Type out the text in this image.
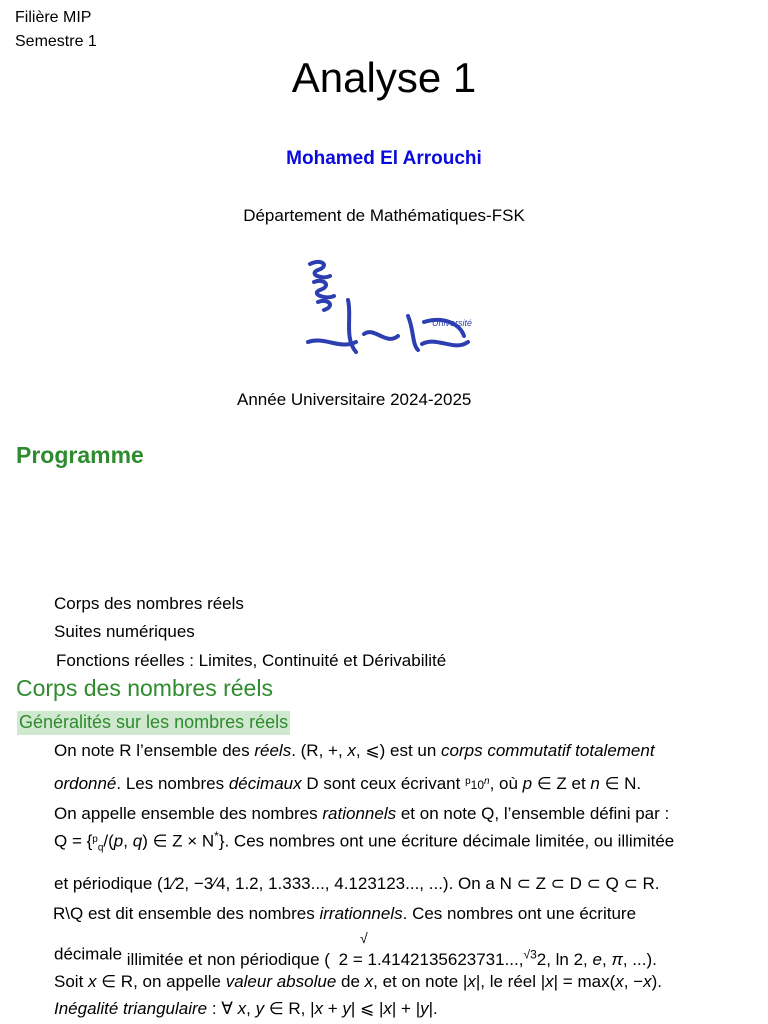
Filière MIP
Semestre 1
Analyse 1
Mohamed El Arrouchi
Département de Mathématiques-FSK
Université
Année Universitaire 2024-2025
Programme
Corps des nombres réels
Suites numériques
Fonctions réelles : Limites, Continuité et Dérivabilité
Corps des nombres réels
Généralités sur les nombres réels
On note R l’ensemble des réels. (R, +, x, ⩽) est un corps commutatif totalement
ordonné. Les nombres décimaux D sont ceux écrivant $^p$10$^n$, où p ∈ Z et n ∈ N.
On appelle ensemble des nombres rationnels et on note Q, l’ensemble défini par :
Q = {$^p_q$/(p, q) ∈ Z × N*}. Ces nombres ont une écriture décimale limitée, ou illimitée
et périodique (1⁄2, −3⁄4, 1.2, 1.333..., 4.123123..., ...). On a N ⊂ Z ⊂ D ⊂ Q ⊂ R.
R\Q est dit ensemble des nombres irrationnels. Ces nombres ont une écriture
√
décimale illimitée et non périodique ( 2 = 1.4142135623731...,$^{√3}$2, ln 2, e, π, ...).
Soit x ∈ R, on appelle valeur absolue de x, et on note |x|, le réel |x| = max(x, −x).
Inégalité triangulaire : ∀ x, y ∈ R, |x + y| ⩽ |x| + |y|.
